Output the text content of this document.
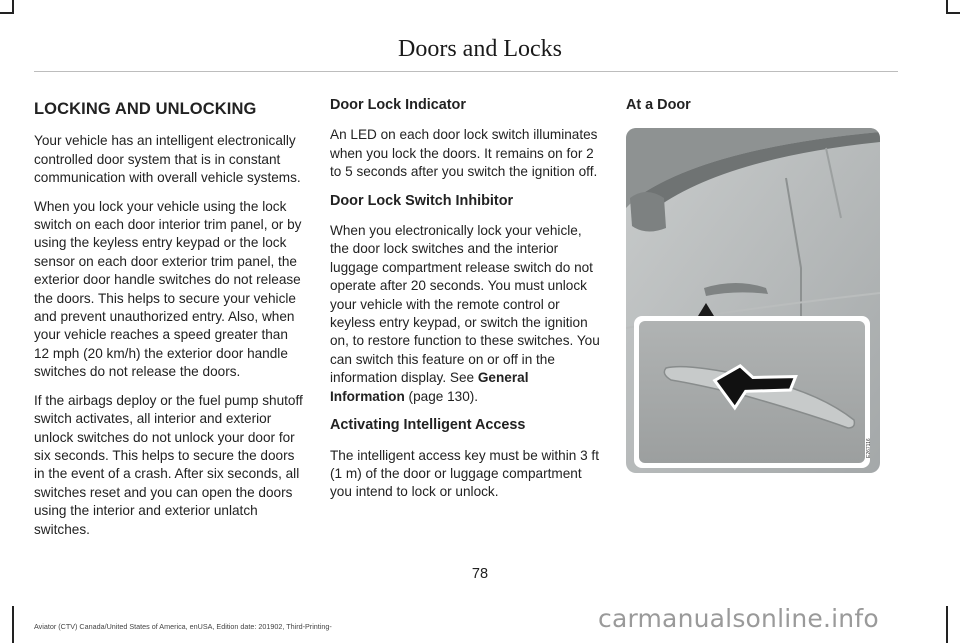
Doors and Locks
LOCKING AND UNLOCKING

Your vehicle has an intelligent electronically controlled door system that is in constant communication with overall vehicle systems.

When you lock your vehicle using the lock switch on each door interior trim panel, or by using the keyless entry keypad or the lock sensor on each door exterior trim panel, the exterior door handle switches do not release the doors. This helps to secure your vehicle and prevent unauthorized entry. Also, when your vehicle reaches a speed greater than 12 mph (20 km/h) the exterior door handle switches do not release the doors.

If the airbags deploy or the fuel pump shutoff switch activates, all interior and exterior unlock switches do not unlock your door for six seconds. This helps to secure the doors in the event of a crash. After six seconds, all switches reset and you can open the doors using the interior and exterior unlatch switches.

Door Lock Indicator

An LED on each door lock switch illuminates when you lock the doors. It remains on for 2 to 5 seconds after you switch the ignition off.

Door Lock Switch Inhibitor

When you electronically lock your vehicle, the door lock switches and the interior luggage compartment release switch do not operate after 20 seconds. You must unlock your vehicle with the remote control or keyless entry keypad, or switch the ignition on, to restore function to these switches. You can switch this feature on or off in the information display. See General Information (page 130).

Activating Intelligent Access

The intelligent access key must be within 3 ft (1 m) of the door or luggage compartment you intend to lock or unlock.

At a Door
E267116
78
Aviator (CTV) Canada/United States of America, enUSA, Edition date: 201902, Third-Printing-	carmanualsonline.info
